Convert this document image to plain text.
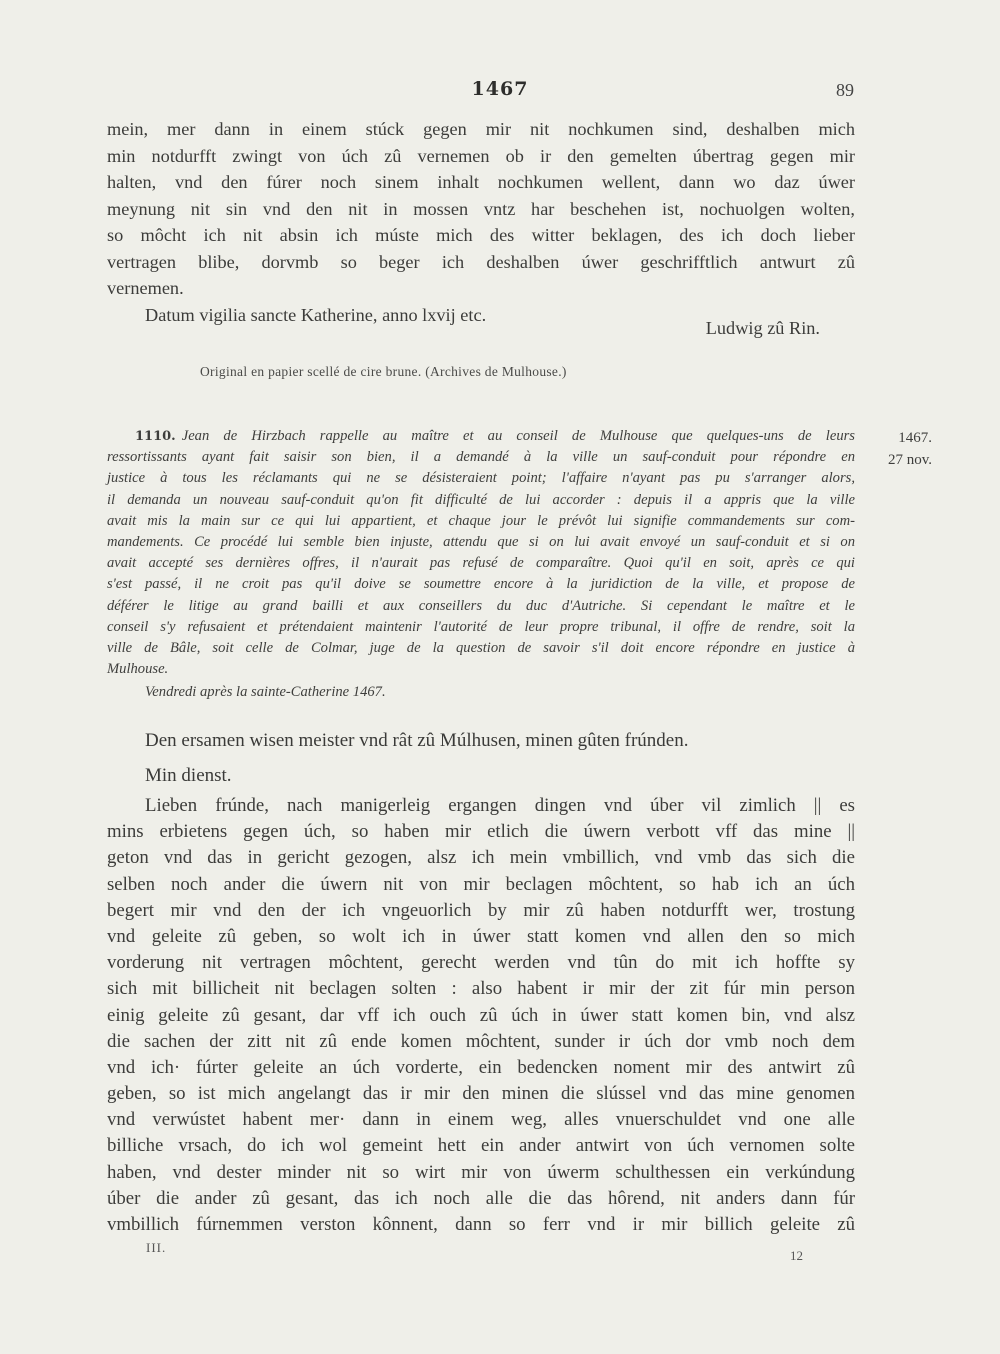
1467	89
mein, mer dann in einem stúck gegen mir nit nochkumen sind, deshalben mich
min notdurfft zwingt von úch zû vernemen ob ir den gemelten úbertrag gegen mir
halten, vnd den fúrer noch sinem inhalt nochkumen wellent, dann wo daz úwer
meynung nit sin vnd den nit in mossen vntz har beschehen ist, nochuolgen wolten,
so môcht ich nit absin ich múste mich des witter beklagen, des ich doch lieber
vertragen blibe, dorvmb so beger ich deshalben úwer geschrifftlich antwurt zû
vernemen.
Datum vigilia sancte Katherine, anno lxvij etc.
Ludwig zû Rin.
Original en papier scellé de cire brune. (Archives de Mulhouse.)
1467.
27 nov.
1110. Jean de Hirzbach rappelle au maître et au conseil de Mulhouse que quelques-uns de leurs
ressortissants ayant fait saisir son bien, il a demandé à la ville un sauf-conduit pour répondre en
justice à tous les réclamants qui ne se désisteraient point; l'affaire n'ayant pas pu s'arranger alors,
il demanda un nouveau sauf-conduit qu'on fit difficulté de lui accorder : depuis il a appris que la ville
avait mis la main sur ce qui lui appartient, et chaque jour le prévôt lui signifie commandements sur com-
mandements. Ce procédé lui semble bien injuste, attendu que si on lui avait envoyé un sauf-conduit et si on
avait accepté ses dernières offres, il n'aurait pas refusé de comparaître. Quoi qu'il en soit, après ce qui
s'est passé, il ne croit pas qu'il doive se soumettre encore à la juridiction de la ville, et propose de
déférer le litige au grand bailli et aux conseillers du duc d'Autriche. Si cependant le maître et le
conseil s'y refusaient et prétendaient maintenir l'autorité de leur propre tribunal, il offre de rendre, soit la
ville de Bâle, soit celle de Colmar, juge de la question de savoir s'il doit encore répondre en justice à
Mulhouse.
Vendredi après la sainte-Catherine 1467.
Den ersamen wisen meister vnd rât zû Múlhusen, minen gûten frúnden.
Min dienst.
Lieben frúnde, nach manigerleig ergangen dingen vnd úber vil zimlich || es
mins erbietens gegen úch, so haben mir etlich die úwern verbott vff das mine ||
geton vnd das in gericht gezogen, alsz ich mein vmbillich, vnd vmb das sich die
selben noch ander die úwern nit von mir beclagen môchtent, so hab ich an úch
begert mir vnd den der ich vngeuorlich by mir zû haben notdurfft wer, trostung
vnd geleite zû geben, so wolt ich in úwer statt komen vnd allen den so mich
vorderung nit vertragen môchtent, gerecht werden vnd tûn do mit ich hoffte sy
sich mit billicheit nit beclagen solten : also habent ir mir der zit fúr min person
einig geleite zû gesant, dar vff ich ouch zû úch in úwer statt komen bin, vnd alsz
die sachen der zitt nit zû ende komen môchtent, sunder ir úch dor vmb noch dem
vnd ich· fúrter geleite an úch vorderte, ein bedencken noment mir des antwirt zû
geben, so ist mich angelangt das ir mir den minen die slússel vnd das mine genomen
vnd verwústet habent mer· dann in einem weg, alles vnuerschuldet vnd one alle
billiche vrsach, do ich wol gemeint hett ein ander antwirt von úch vernomen solte
haben, vnd dester minder nit so wirt mir von úwerm schulthessen ein verkúndung
úber die ander zû gesant, das ich noch alle die das hôrend, nit anders dann fúr
vmbillich fúrnemmen verston kônnent, dann so ferr vnd ir mir billich geleite zû
III.
12
